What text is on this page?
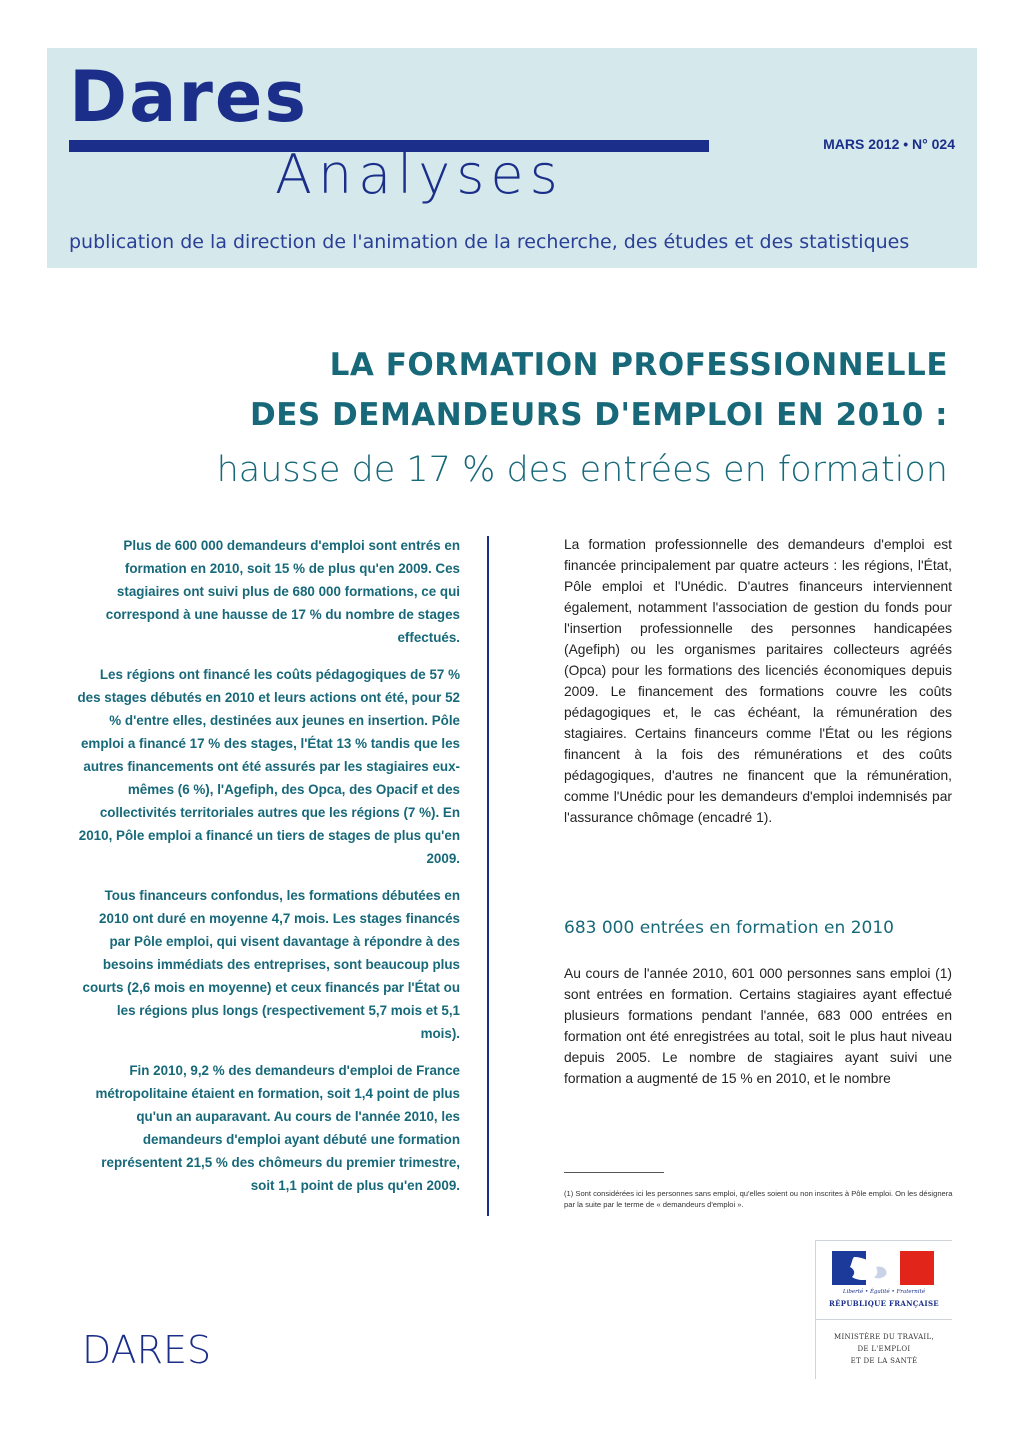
Dares
Analyses	MARS 2012 • N° 024
publication de la direction de l'animation de la recherche, des études et des statistiques
LA FORMATION PROFESSIONNELLE
DES DEMANDEURS D'EMPLOI EN 2010 :
hausse de 17 % des entrées en formation

Plus de 600 000 demandeurs d'emploi sont entrés en formation en 2010, soit 15 % de plus qu'en 2009. Ces stagiaires ont suivi plus de 680 000 formations, ce qui correspond à une hausse de 17 % du nombre de stages effectués.

Les régions ont financé les coûts pédagogiques de 57 % des stages débutés en 2010 et leurs actions ont été, pour 52 % d'entre elles, destinées aux jeunes en insertion. Pôle emploi a financé 17 % des stages, l'État 13 % tandis que les autres financements ont été assurés par les stagiaires eux-mêmes (6 %), l'Agefiph, des Opca, des Opacif et des collectivités territoriales autres que les régions (7 %). En 2010, Pôle emploi a financé un tiers de stages de plus qu'en 2009.

Tous financeurs confondus, les formations débutées en 2010 ont duré en moyenne 4,7 mois. Les stages financés par Pôle emploi, qui visent davantage à répondre à des besoins immédiats des entreprises, sont beaucoup plus courts (2,6 mois en moyenne) et ceux financés par l'État ou les régions plus longs (respectivement 5,7 mois et 5,1 mois).

Fin 2010, 9,2 % des demandeurs d'emploi de France métropolitaine étaient en formation, soit 1,4 point de plus qu'un an auparavant. Au cours de l'année 2010, les demandeurs d'emploi ayant débuté une formation représentent 21,5 % des chômeurs du premier trimestre, soit 1,1 point de plus qu'en 2009.

La formation professionnelle des demandeurs d'emploi est financée principalement par quatre acteurs : les régions, l'État, Pôle emploi et l'Unédic. D'autres financeurs interviennent également, notamment l'association de gestion du fonds pour l'insertion professionnelle des personnes handicapées (Agefiph) ou les organismes paritaires collecteurs agréés (Opca) pour les formations des licenciés économiques depuis 2009. Le financement des formations couvre les coûts pédagogiques et, le cas échéant, la rémunération des stagiaires. Certains financeurs comme l'État ou les régions financent à la fois des rémunérations et des coûts pédagogiques, d'autres ne financent que la rémunération, comme l'Unédic pour les demandeurs d'emploi indemnisés par l'assurance chômage (encadré 1).

683 000 entrées en formation en 2010

Au cours de l'année 2010, 601 000 personnes sans emploi (1) sont entrées en formation. Certains stagiaires ayant effectué plusieurs formations pendant l'année, 683 000 entrées en formation ont été enregistrées au total, soit le plus haut niveau depuis 2005. Le nombre de stagiaires ayant suivi une formation a augmenté de 15 % en 2010, et le nombre

(1) Sont considérées ici les personnes sans emploi, qu'elles soient ou non inscrites à Pôle emploi. On les désignera par la suite par le terme de « demandeurs d'emploi ».
DARES
Liberté • Égalité • Fraternité
RÉPUBLIQUE FRANÇAISE
MINISTÈRE DU TRAVAIL,
DE L'EMPLOI
ET DE LA SANTÉ
